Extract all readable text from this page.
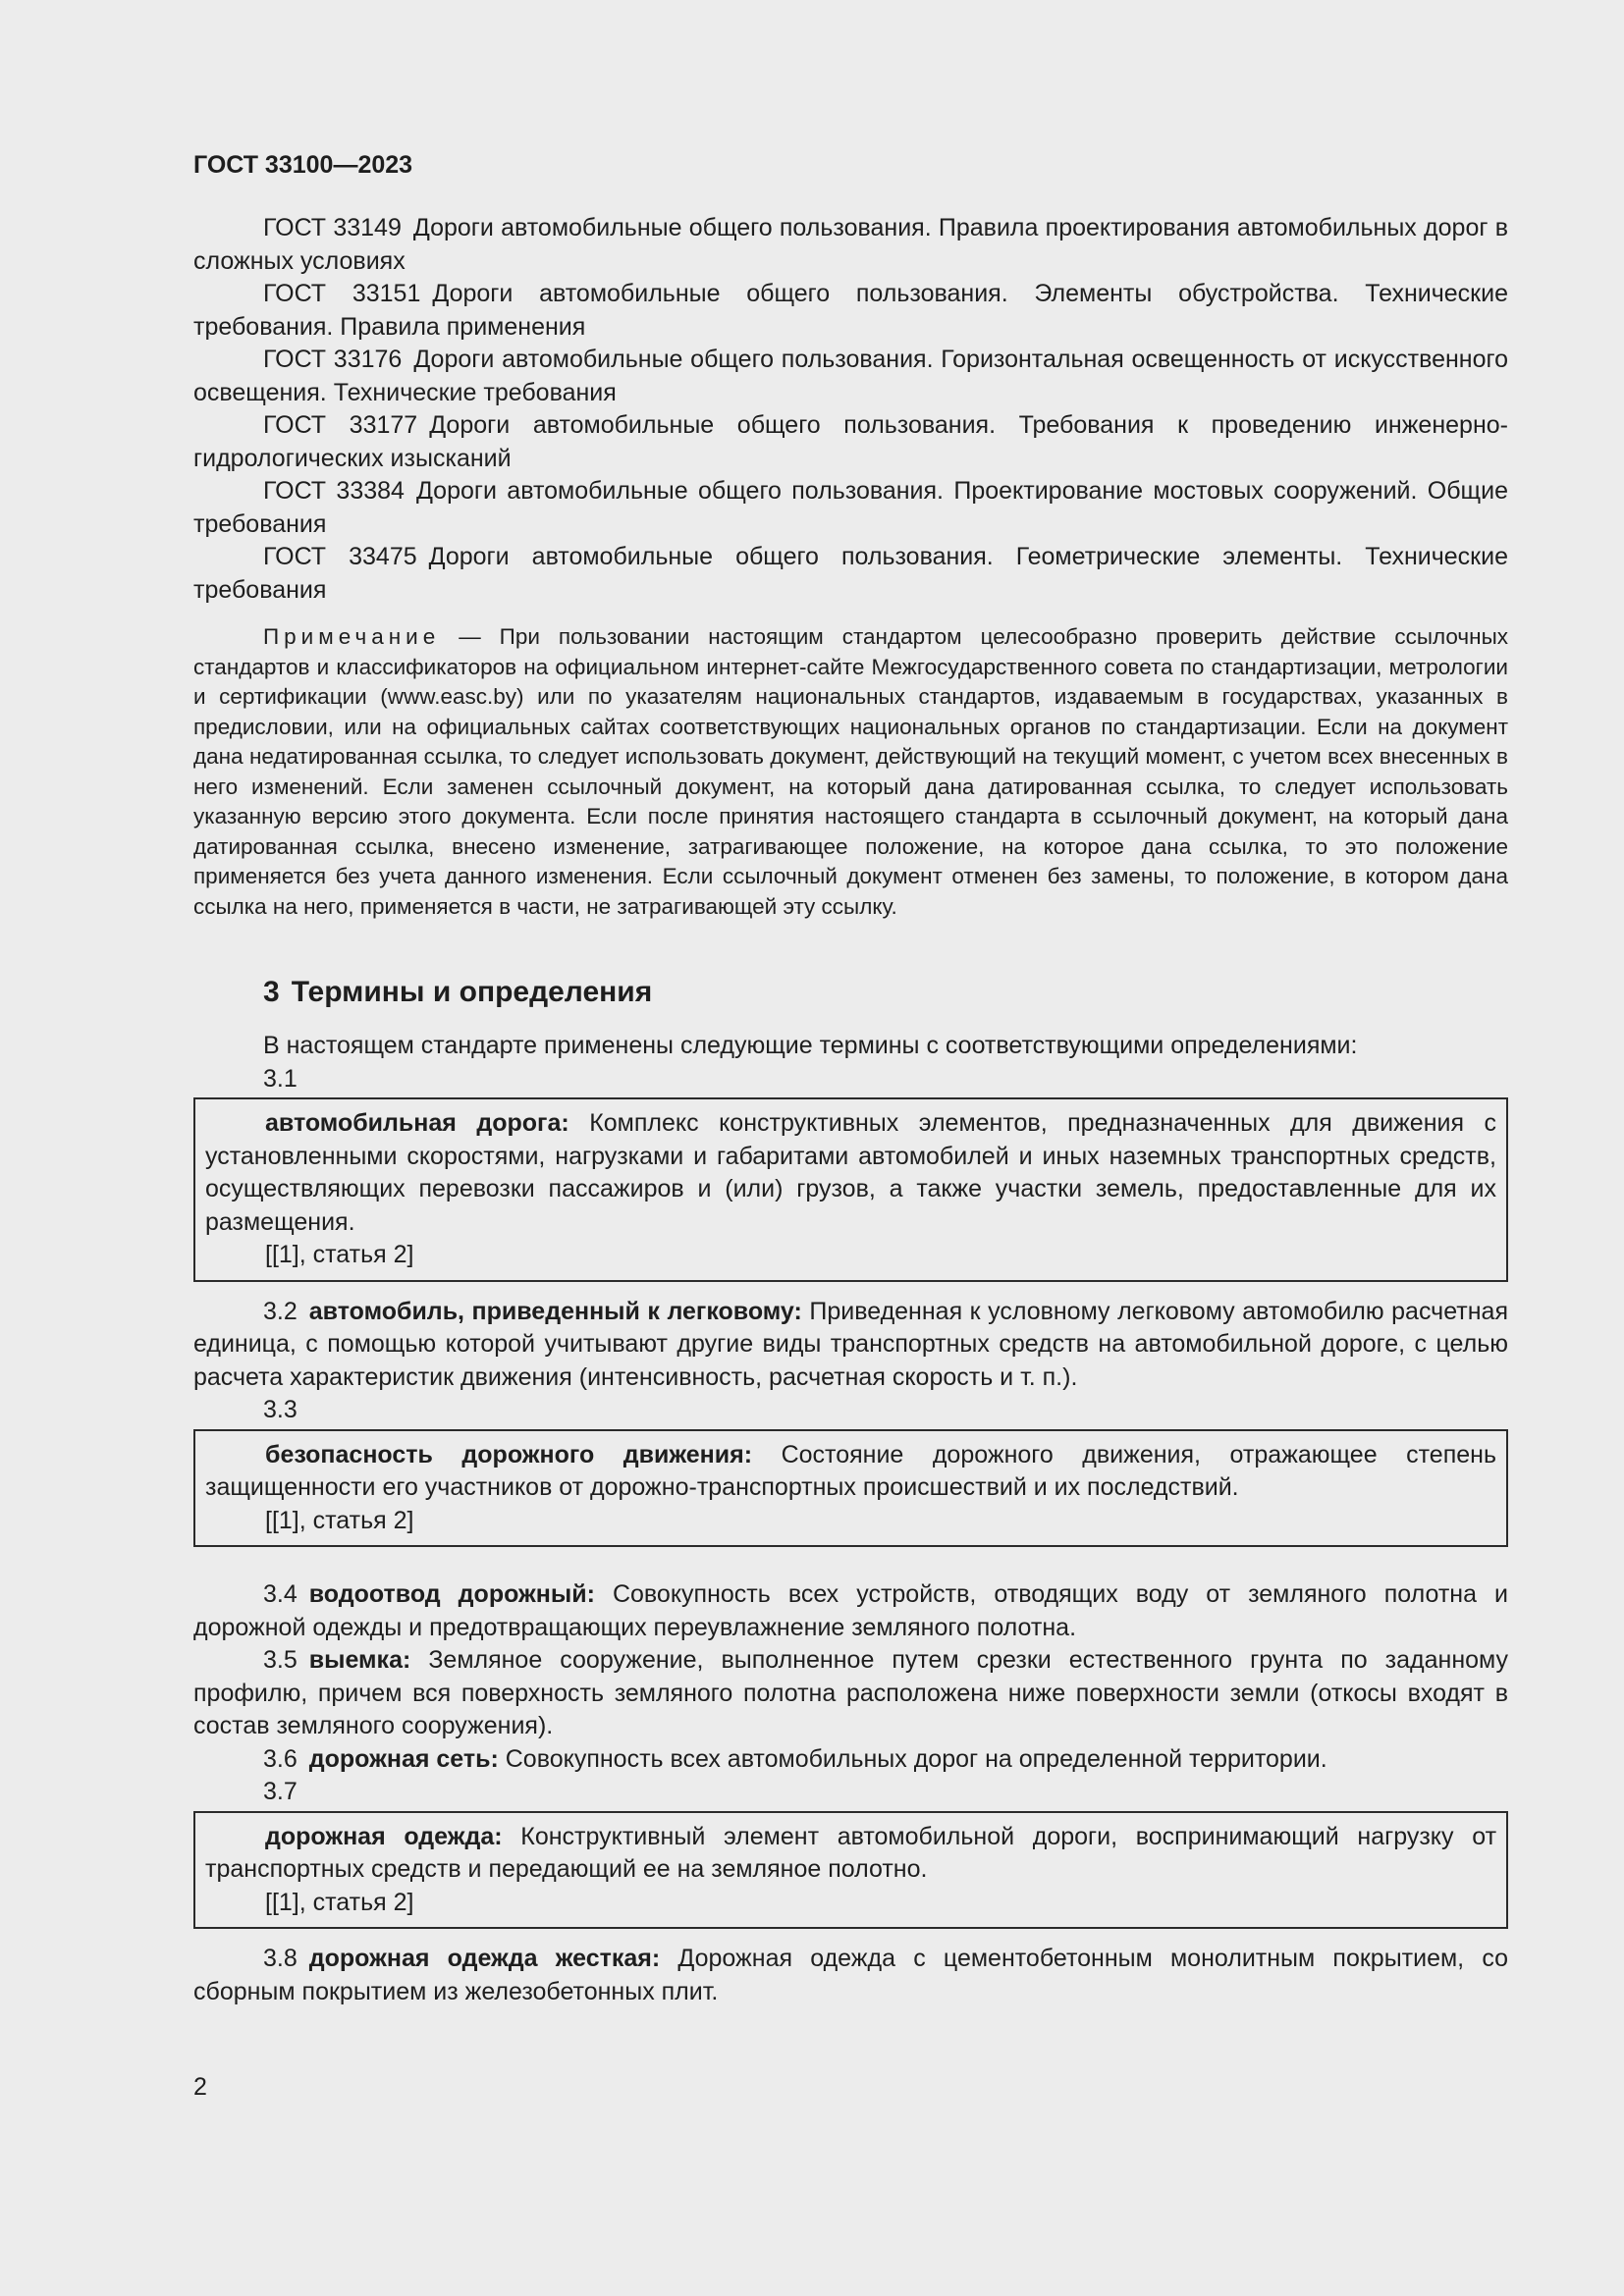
ГОСТ 33100—2023

ГОСТ 33149 Дороги автомобильные общего пользования. Правила проектирования автомобильных дорог в сложных условиях

ГОСТ 33151 Дороги автомобильные общего пользования. Элементы обустройства. Технические требования. Правила применения

ГОСТ 33176 Дороги автомобильные общего пользования. Горизонтальная освещенность от искусственного освещения. Технические требования

ГОСТ 33177 Дороги автомобильные общего пользования. Требования к проведению инженерно-гидрологических изысканий

ГОСТ 33384 Дороги автомобильные общего пользования. Проектирование мостовых сооружений. Общие требования

ГОСТ 33475 Дороги автомобильные общего пользования. Геометрические элементы. Технические требования

Примечание — При пользовании настоящим стандартом целесообразно проверить действие ссылочных стандартов и классификаторов на официальном интернет-сайте Межгосударственного совета по стандартизации, метрологии и сертификации (www.easc.by) или по указателям национальных стандартов, издаваемым в государствах, указанных в предисловии, или на официальных сайтах соответствующих национальных органов по стандартизации. Если на документ дана недатированная ссылка, то следует использовать документ, действующий на текущий момент, с учетом всех внесенных в него изменений. Если заменен ссылочный документ, на который дана датированная ссылка, то следует использовать указанную версию этого документа. Если после принятия настоящего стандарта в ссылочный документ, на который дана датированная ссылка, внесено изменение, затрагивающее положение, на которое дана ссылка, то это положение применяется без учета данного изменения. Если ссылочный документ отменен без замены, то положение, в котором дана ссылка на него, применяется в части, не затрагивающей эту ссылку.

3 Термины и определения

В настоящем стандарте применены следующие термины с соответствующими определениями:

3.1

автомобильная дорога: Комплекс конструктивных элементов, предназначенных для движения с установленными скоростями, нагрузками и габаритами автомобилей и иных наземных транспортных средств, осуществляющих перевозки пассажиров и (или) грузов, а также участки земель, предоставленные для их размещения.

[[1], статья 2]

3.2 автомобиль, приведенный к легковому: Приведенная к условному легковому автомобилю расчетная единица, с помощью которой учитывают другие виды транспортных средств на автомобильной дороге, с целью расчета характеристик движения (интенсивность, расчетная скорость и т. п.).

3.3

безопасность дорожного движения: Состояние дорожного движения, отражающее степень защищенности его участников от дорожно-транспортных происшествий и их последствий.

[[1], статья 2]

3.4 водоотвод дорожный: Совокупность всех устройств, отводящих воду от земляного полотна и дорожной одежды и предотвращающих переувлажнение земляного полотна.

3.5 выемка: Земляное сооружение, выполненное путем срезки естественного грунта по заданному профилю, причем вся поверхность земляного полотна расположена ниже поверхности земли (откосы входят в состав земляного сооружения).

3.6 дорожная сеть: Совокупность всех автомобильных дорог на определенной территории.

3.7

дорожная одежда: Конструктивный элемент автомобильной дороги, воспринимающий нагрузку от транспортных средств и передающий ее на земляное полотно.

[[1], статья 2]

3.8 дорожная одежда жесткая: Дорожная одежда с цементобетонным монолитным покрытием, со сборным покрытием из железобетонных плит.

2
